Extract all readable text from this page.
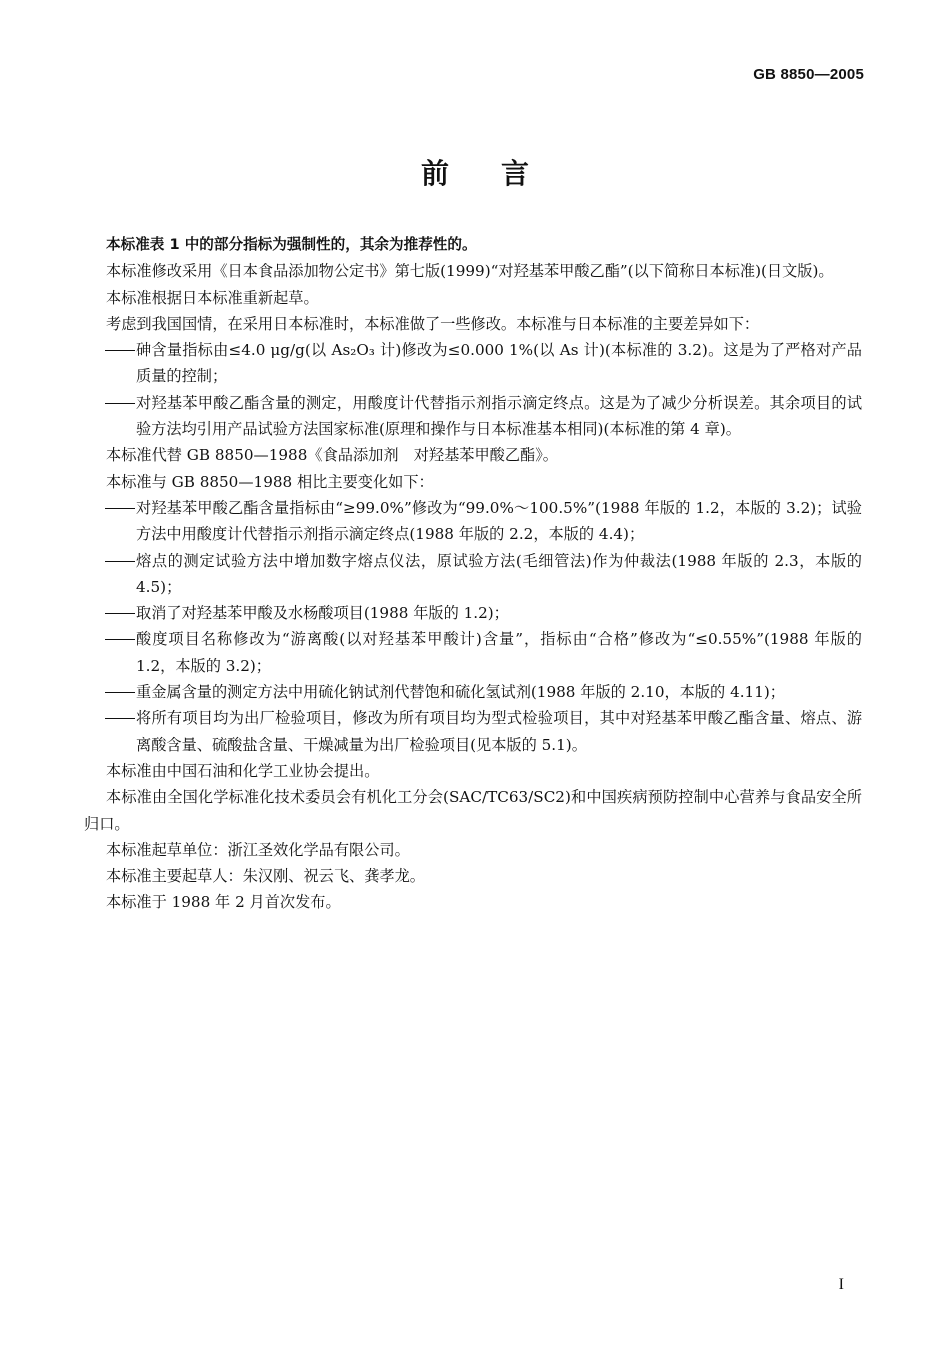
GB 8850—2005
前言

本标准表 1 中的部分指标为强制性的，其余为推荐性的。

本标准修改采用《日本食品添加物公定书》第七版(1999)“对羟基苯甲酸乙酯”(以下简称日本标准)(日文版)。

本标准根据日本标准重新起草。

考虑到我国国情，在采用日本标准时，本标准做了一些修改。本标准与日本标准的主要差异如下：

砷含量指标由≤4.0 μg/g(以 As₂O₃ 计)修改为≤0.000 1%(以 As 计)(本标准的 3.2)。这是为了严格对产品质量的控制；

对羟基苯甲酸乙酯含量的测定，用酸度计代替指示剂指示滴定终点。这是为了减少分析误差。其余项目的试验方法均引用产品试验方法国家标准(原理和操作与日本标准基本相同)(本标准的第 4 章)。

本标准代替 GB 8850—1988《食品添加剂　对羟基苯甲酸乙酯》。

本标准与 GB 8850—1988 相比主要变化如下：

对羟基苯甲酸乙酯含量指标由“≥99.0%”修改为“99.0%～100.5%”(1988 年版的 1.2，本版的 3.2)；试验方法中用酸度计代替指示剂指示滴定终点(1988 年版的 2.2，本版的 4.4)；

熔点的测定试验方法中增加数字熔点仪法，原试验方法(毛细管法)作为仲裁法(1988 年版的 2.3，本版的 4.5)；

取消了对羟基苯甲酸及水杨酸项目(1988 年版的 1.2)；

酸度项目名称修改为“游离酸(以对羟基苯甲酸计)含量”，指标由“合格”修改为“≤0.55%”(1988 年版的 1.2，本版的 3.2)；

重金属含量的测定方法中用硫化钠试剂代替饱和硫化氢试剂(1988 年版的 2.10，本版的 4.11)；

将所有项目均为出厂检验项目，修改为所有项目均为型式检验项目，其中对羟基苯甲酸乙酯含量、熔点、游离酸含量、硫酸盐含量、干燥减量为出厂检验项目(见本版的 5.1)。

本标准由中国石油和化学工业协会提出。

本标准由全国化学标准化技术委员会有机化工分会(SAC/TC63/SC2)和中国疾病预防控制中心营养与食品安全所归口。

本标准起草单位：浙江圣效化学品有限公司。

本标准主要起草人：朱汉刚、祝云飞、龚孝龙。

本标准于 1988 年 2 月首次发布。

I
